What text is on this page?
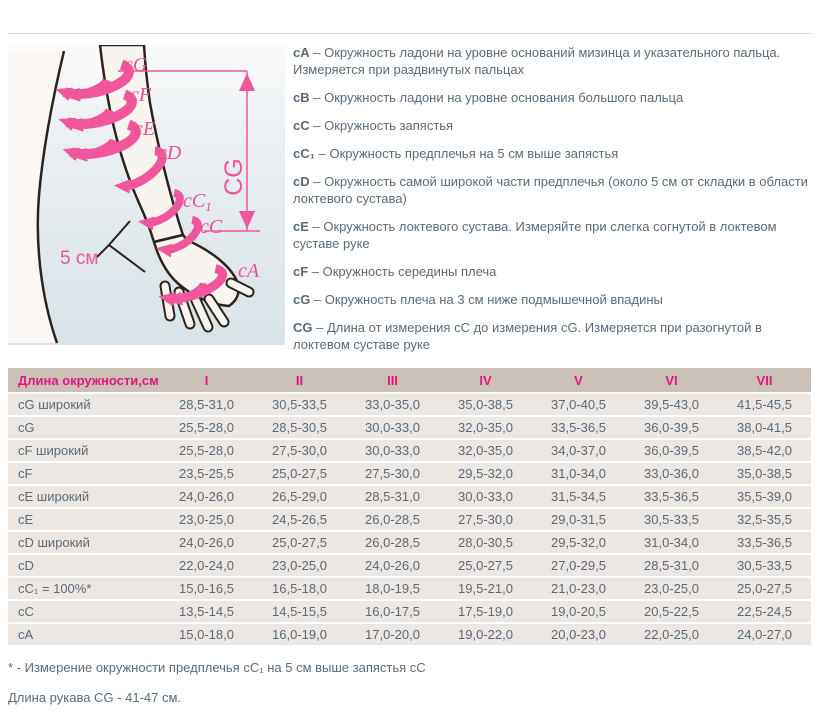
cG
cF
cE
cD
$cC_1$
cC
cA
CG
5 см

cA – Окружность ладони на уровне оснований мизинца и указательного пальца. Измеряется при раздвинутых пальцах

cB – Окружность ладони на уровне основания большого пальца

cC – Окружность запястья

cC₁ – Окружность предплечья на 5 см выше запястья

cD – Окружность самой широкой части предплечья (около 5 см от складки в области локтевого сустава)

cE – Окружность локтевого сустава. Измеряйте при слегка согнутой в локтевом суставе руке

cF – Окружность середины плеча

cG – Окружность плеча на 3 см ниже подмышечной впадины

CG – Длина от измерения cC до измерения cG. Измеряется при разогнутой в локтевом суставе руке

Длина окружности,см	I	II	III	IV	V	VI	VII
cG широкий	28,5-31,0	30,5-33,5	33,0-35,0	35,0-38,5	37,0-40,5	39,5-43,0	41,5-45,5
cG	25,5-28,0	28,5-30,5	30,0-33,0	32,0-35,0	33,5-36,5	36,0-39,5	38,0-41,5
cF широкий	25,5-28,0	27,5-30,0	30,0-33,0	32,0-35,0	34,0-37,0	36,0-39,5	38,5-42,0
cF	23,5-25,5	25,0-27,5	27,5-30,0	29,5-32,0	31,0-34,0	33,0-36,0	35,0-38,5
cE широкий	24,0-26,0	26,5-29,0	28,5-31,0	30,0-33,0	31,5-34,5	33,5-36,5	35,5-39,0
cE	23,0-25,0	24,5-26,5	26,0-28,5	27,5-30,0	29,0-31,5	30,5-33,5	32,5-35,5
cD широкий	24,0-26,0	25,0-27,5	26,0-28,5	28,0-30,5	29,5-32,0	31,0-34,0	33,5-36,5
cD	22,0-24,0	23,0-25,0	24,0-26,0	25,0-27,5	27,0-29,5	28,5-31,0	30,5-33,5
cC₁ = 100%*	15,0-16,5	16,5-18,0	18,0-19,5	19,5-21,0	21,0-23,0	23,0-25,0	25,0-27,5
cC	13,5-14,5	14,5-15,5	16,0-17,5	17,5-19,0	19,0-20,5	20,5-22,5	22,5-24,5
cA	15,0-18,0	16,0-19,0	17,0-20,0	19,0-22,0	20,0-23,0	22,0-25,0	24,0-27,0

* - Измерение окружности предплечья cC₁ на 5 см выше запястья cC

Длина рукава CG - 41-47 см.
